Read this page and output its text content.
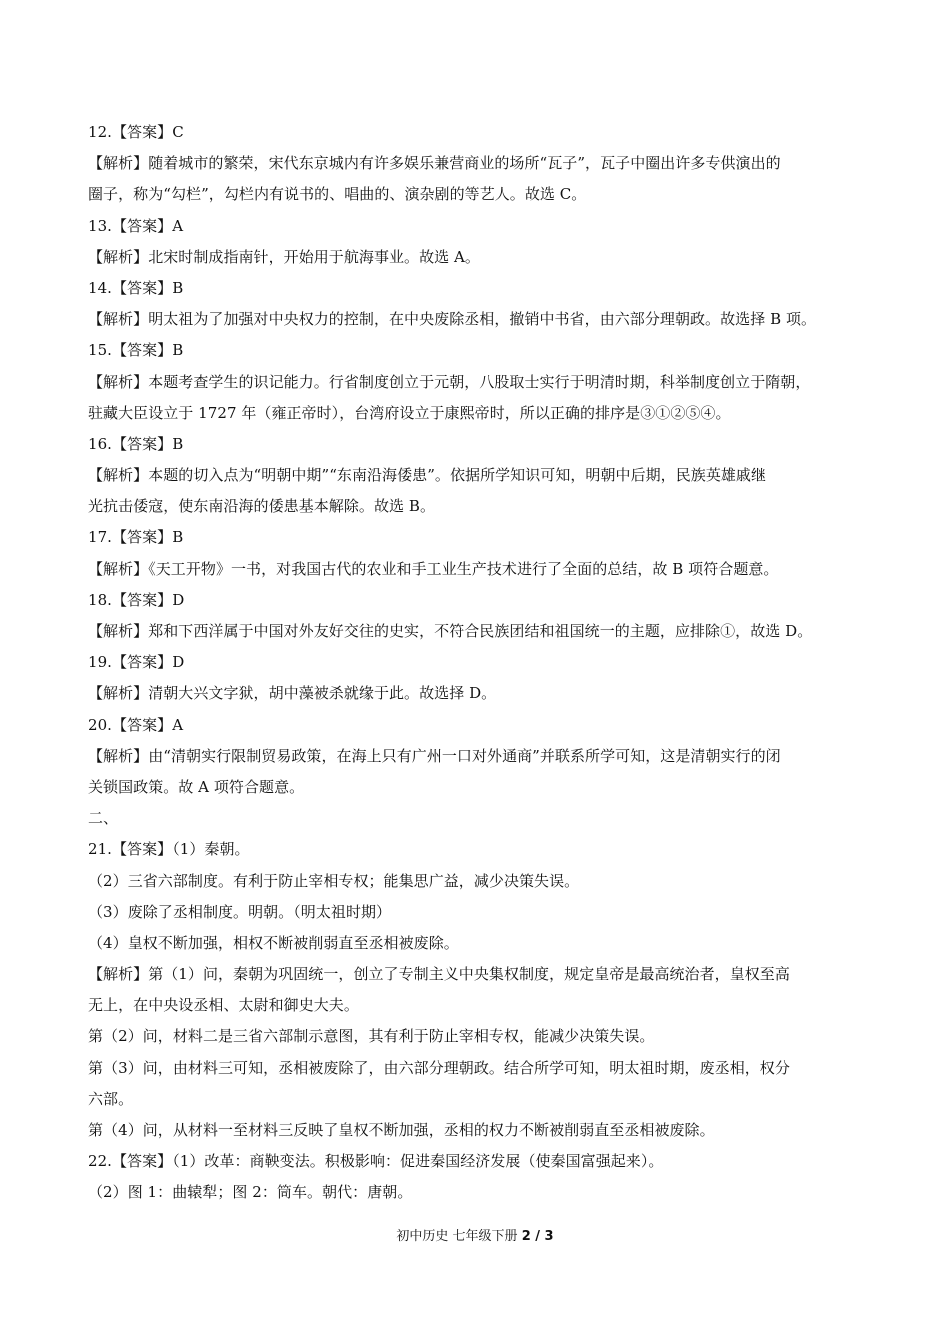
12.【答案】C
【解析】随着城市的繁荣，宋代东京城内有许多娱乐兼营商业的场所“瓦子”，瓦子中圈出许多专供演出的
圈子，称为“勾栏”，勾栏内有说书的、唱曲的、演杂剧的等艺人。故选 C。
13.【答案】A
【解析】北宋时制成指南针，开始用于航海事业。故选 A。
14.【答案】B
【解析】明太祖为了加强对中央权力的控制，在中央废除丞相，撤销中书省，由六部分理朝政。故选择 B 项。
15.【答案】B
【解析】本题考查学生的识记能力。行省制度创立于元朝，八股取士实行于明清时期，科举制度创立于隋朝，
驻藏大臣设立于 1727 年（雍正帝时），台湾府设立于康熙帝时，所以正确的排序是③①②⑤④。
16.【答案】B
【解析】本题的切入点为“明朝中期”“东南沿海倭患”。依据所学知识可知，明朝中后期，民族英雄戚继
光抗击倭寇，使东南沿海的倭患基本解除。故选 B。
17.【答案】B
【解析】《天工开物》一书，对我国古代的农业和手工业生产技术进行了全面的总结，故 B 项符合题意。
18.【答案】D
【解析】郑和下西洋属于中国对外友好交往的史实，不符合民族团结和祖国统一的主题，应排除①，故选 D。
19.【答案】D
【解析】清朝大兴文字狱，胡中藻被杀就缘于此。故选择 D。
20.【答案】A
【解析】由“清朝实行限制贸易政策，在海上只有广州一口对外通商”并联系所学可知，这是清朝实行的闭
关锁国政策。故 A 项符合题意。
二、
21.【答案】（1）秦朝。
（2）三省六部制度。有利于防止宰相专权；能集思广益，减少决策失误。
（3）废除了丞相制度。明朝。（明太祖时期）
（4）皇权不断加强，相权不断被削弱直至丞相被废除。
【解析】第（1）问，秦朝为巩固统一，创立了专制主义中央集权制度，规定皇帝是最高统治者，皇权至高
无上，在中央设丞相、太尉和御史大夫。
第（2）问，材料二是三省六部制示意图，其有利于防止宰相专权，能减少决策失误。
第（3）问，由材料三可知，丞相被废除了，由六部分理朝政。结合所学可知，明太祖时期，废丞相，权分
六部。
第（4）问，从材料一至材料三反映了皇权不断加强，丞相的权力不断被削弱直至丞相被废除。
22.【答案】（1）改革：商鞅变法。积极影响：促进秦国经济发展（使秦国富强起来）。
（2）图 1：曲辕犁；图 2：筒车。朝代：唐朝。
初中历史 七年级下册 2 / 3
